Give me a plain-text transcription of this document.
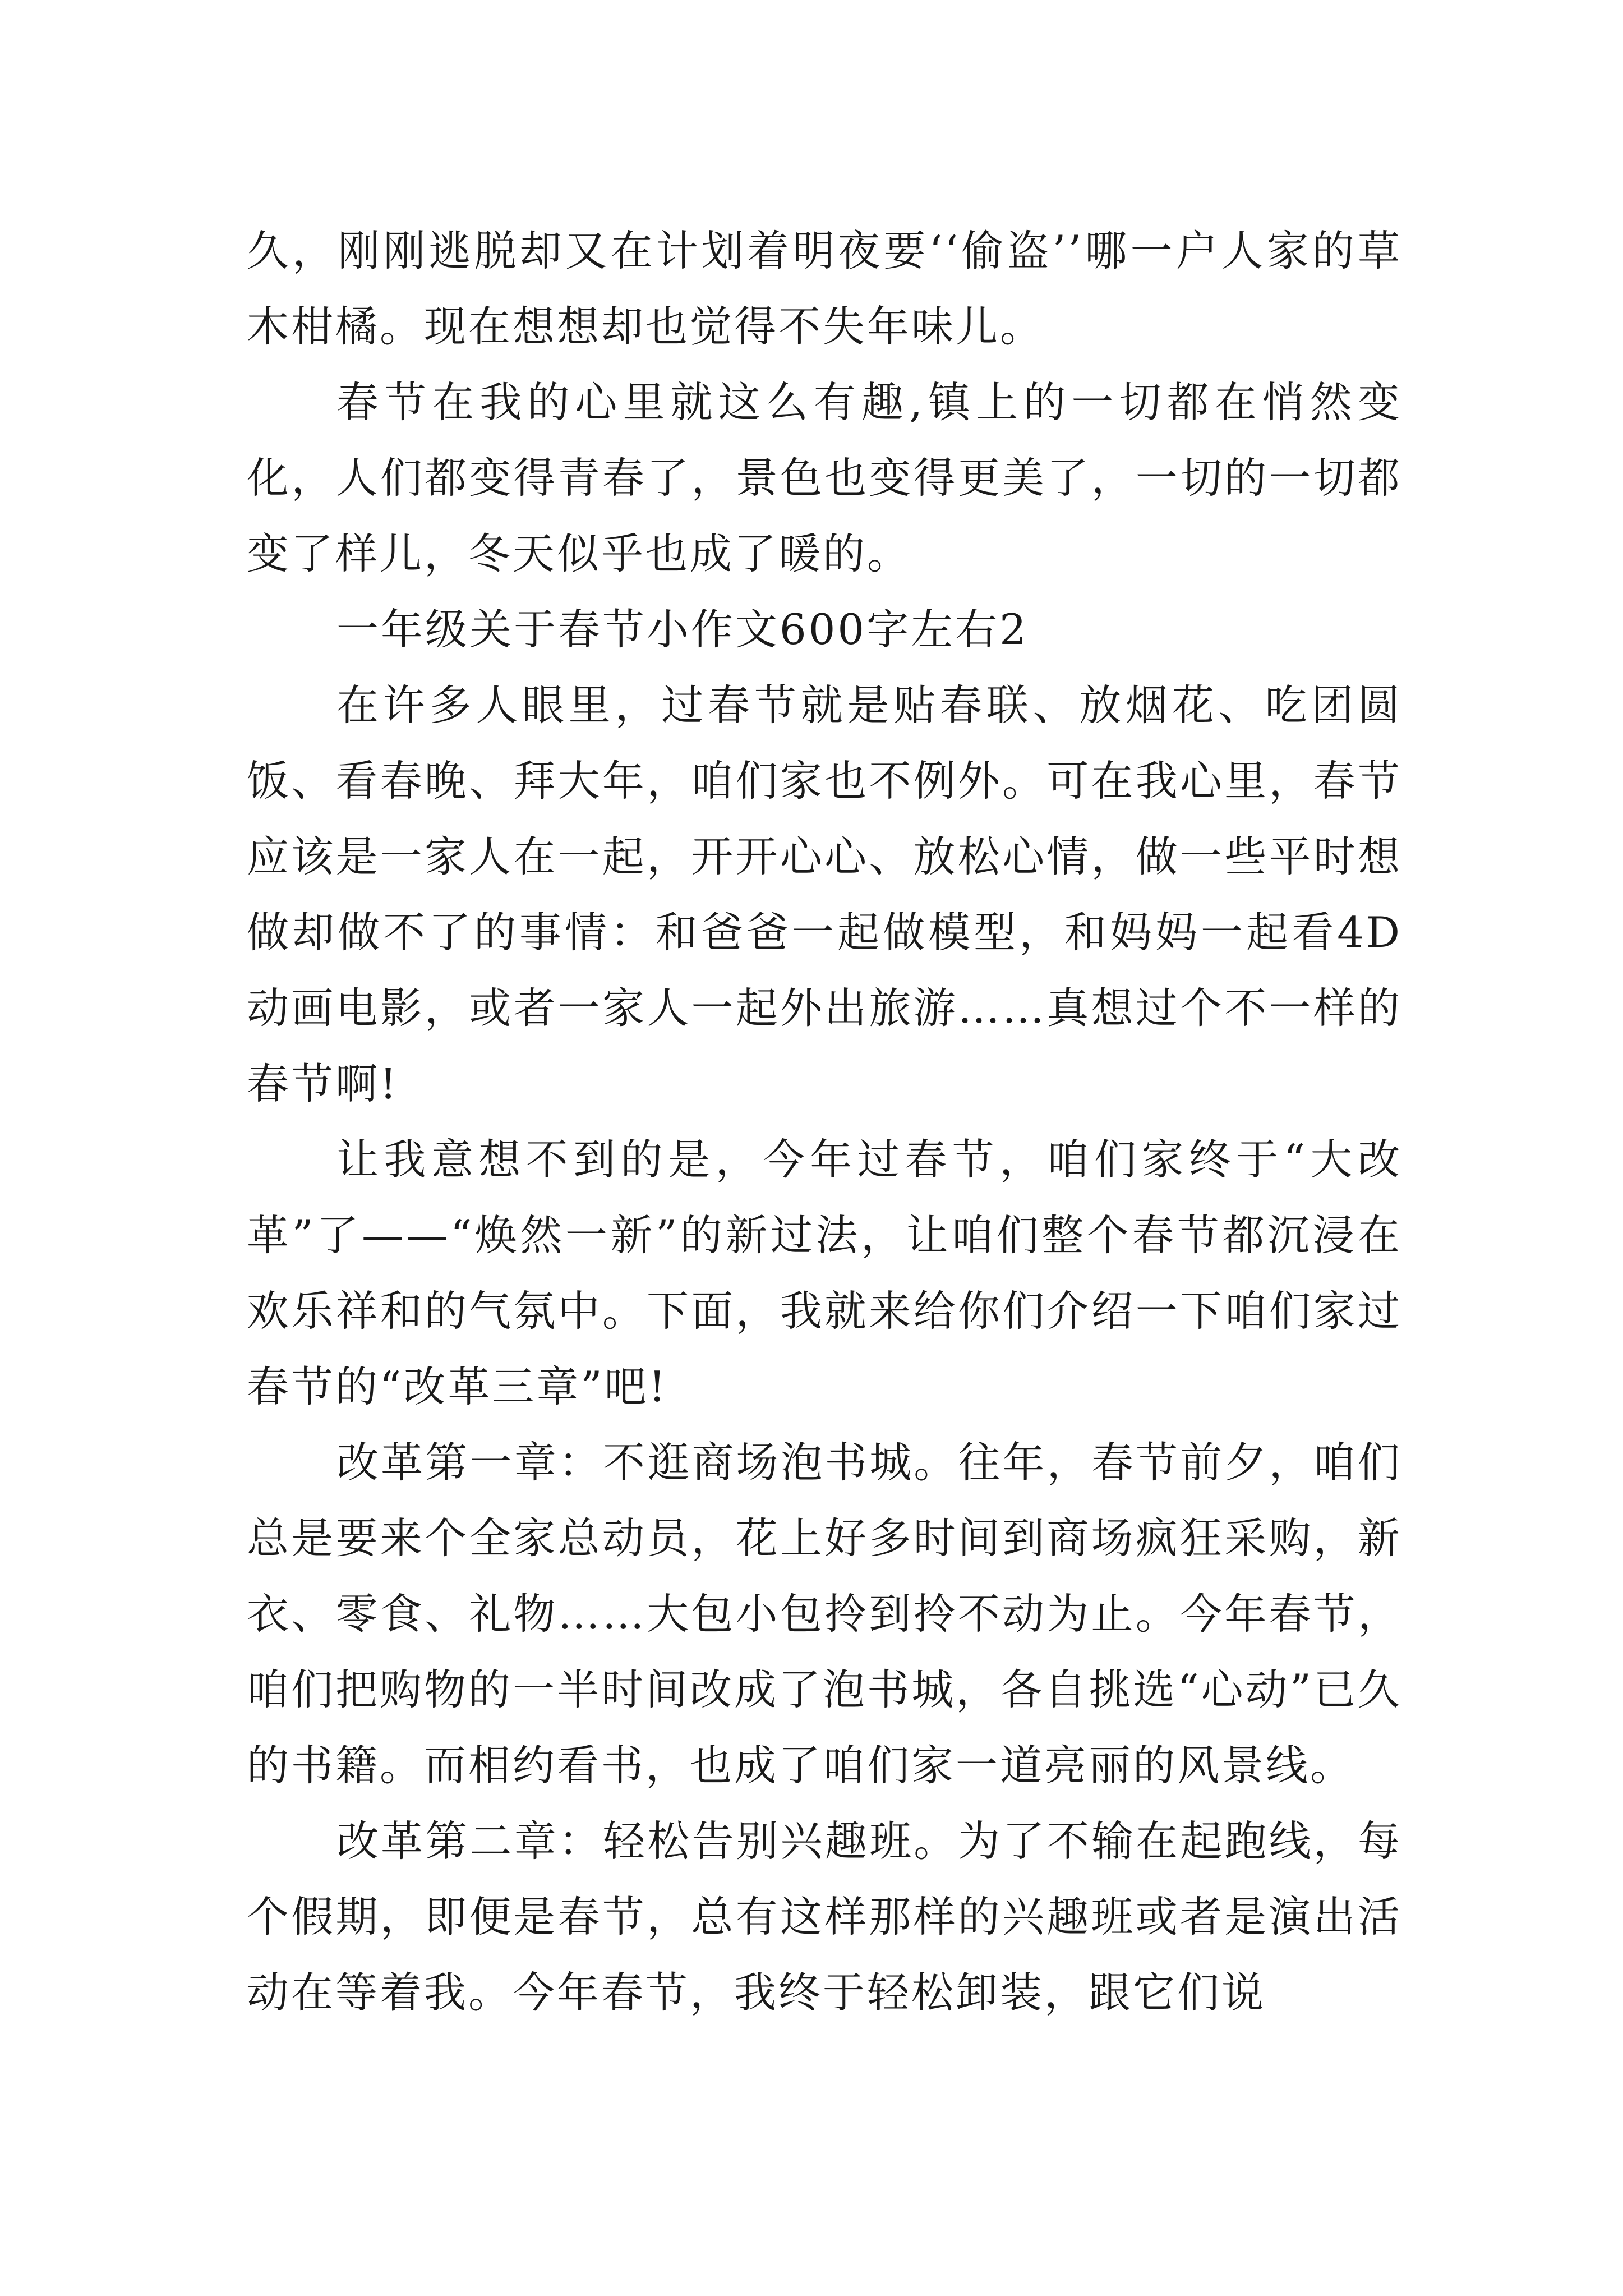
久，刚刚逃脱却又在计划着明夜要‘‘偷盗’’哪一户人家的草木柑橘。现在想想却也觉得不失年味儿。

春节在我的心里就这么有趣,镇上的一切都在悄然变化，人们都变得青春了，景色也变得更美了，一切的一切都变了样儿，冬天似乎也成了暖的。

一年级关于春节小作文600字左右2

在许多人眼里，过春节就是贴春联、放烟花、吃团圆饭、看春晚、拜大年，咱们家也不例外。可在我心里，春节应该是一家人在一起，开开心心、放松心情，做一些平时想做却做不了的事情：和爸爸一起做模型，和妈妈一起看4D动画电影，或者一家人一起外出旅游……真想过个不一样的春节啊!

让我意想不到的是，今年过春节，咱们家终于“大改革”了——“焕然一新”的新过法，让咱们整个春节都沉浸在欢乐祥和的气氛中。下面，我就来给你们介绍一下咱们家过春节的“改革三章”吧!

改革第一章：不逛商场泡书城。往年，春节前夕，咱们总是要来个全家总动员，花上好多时间到商场疯狂采购，新衣、零食、礼物……大包小包拎到拎不动为止。今年春节，咱们把购物的一半时间改成了泡书城，各自挑选“心动”已久的书籍。而相约看书，也成了咱们家一道亮丽的风景线。

改革第二章：轻松告别兴趣班。为了不输在起跑线，每个假期，即便是春节，总有这样那样的兴趣班或者是演出活动在等着我。今年春节，我终于轻松卸装，跟它们说
